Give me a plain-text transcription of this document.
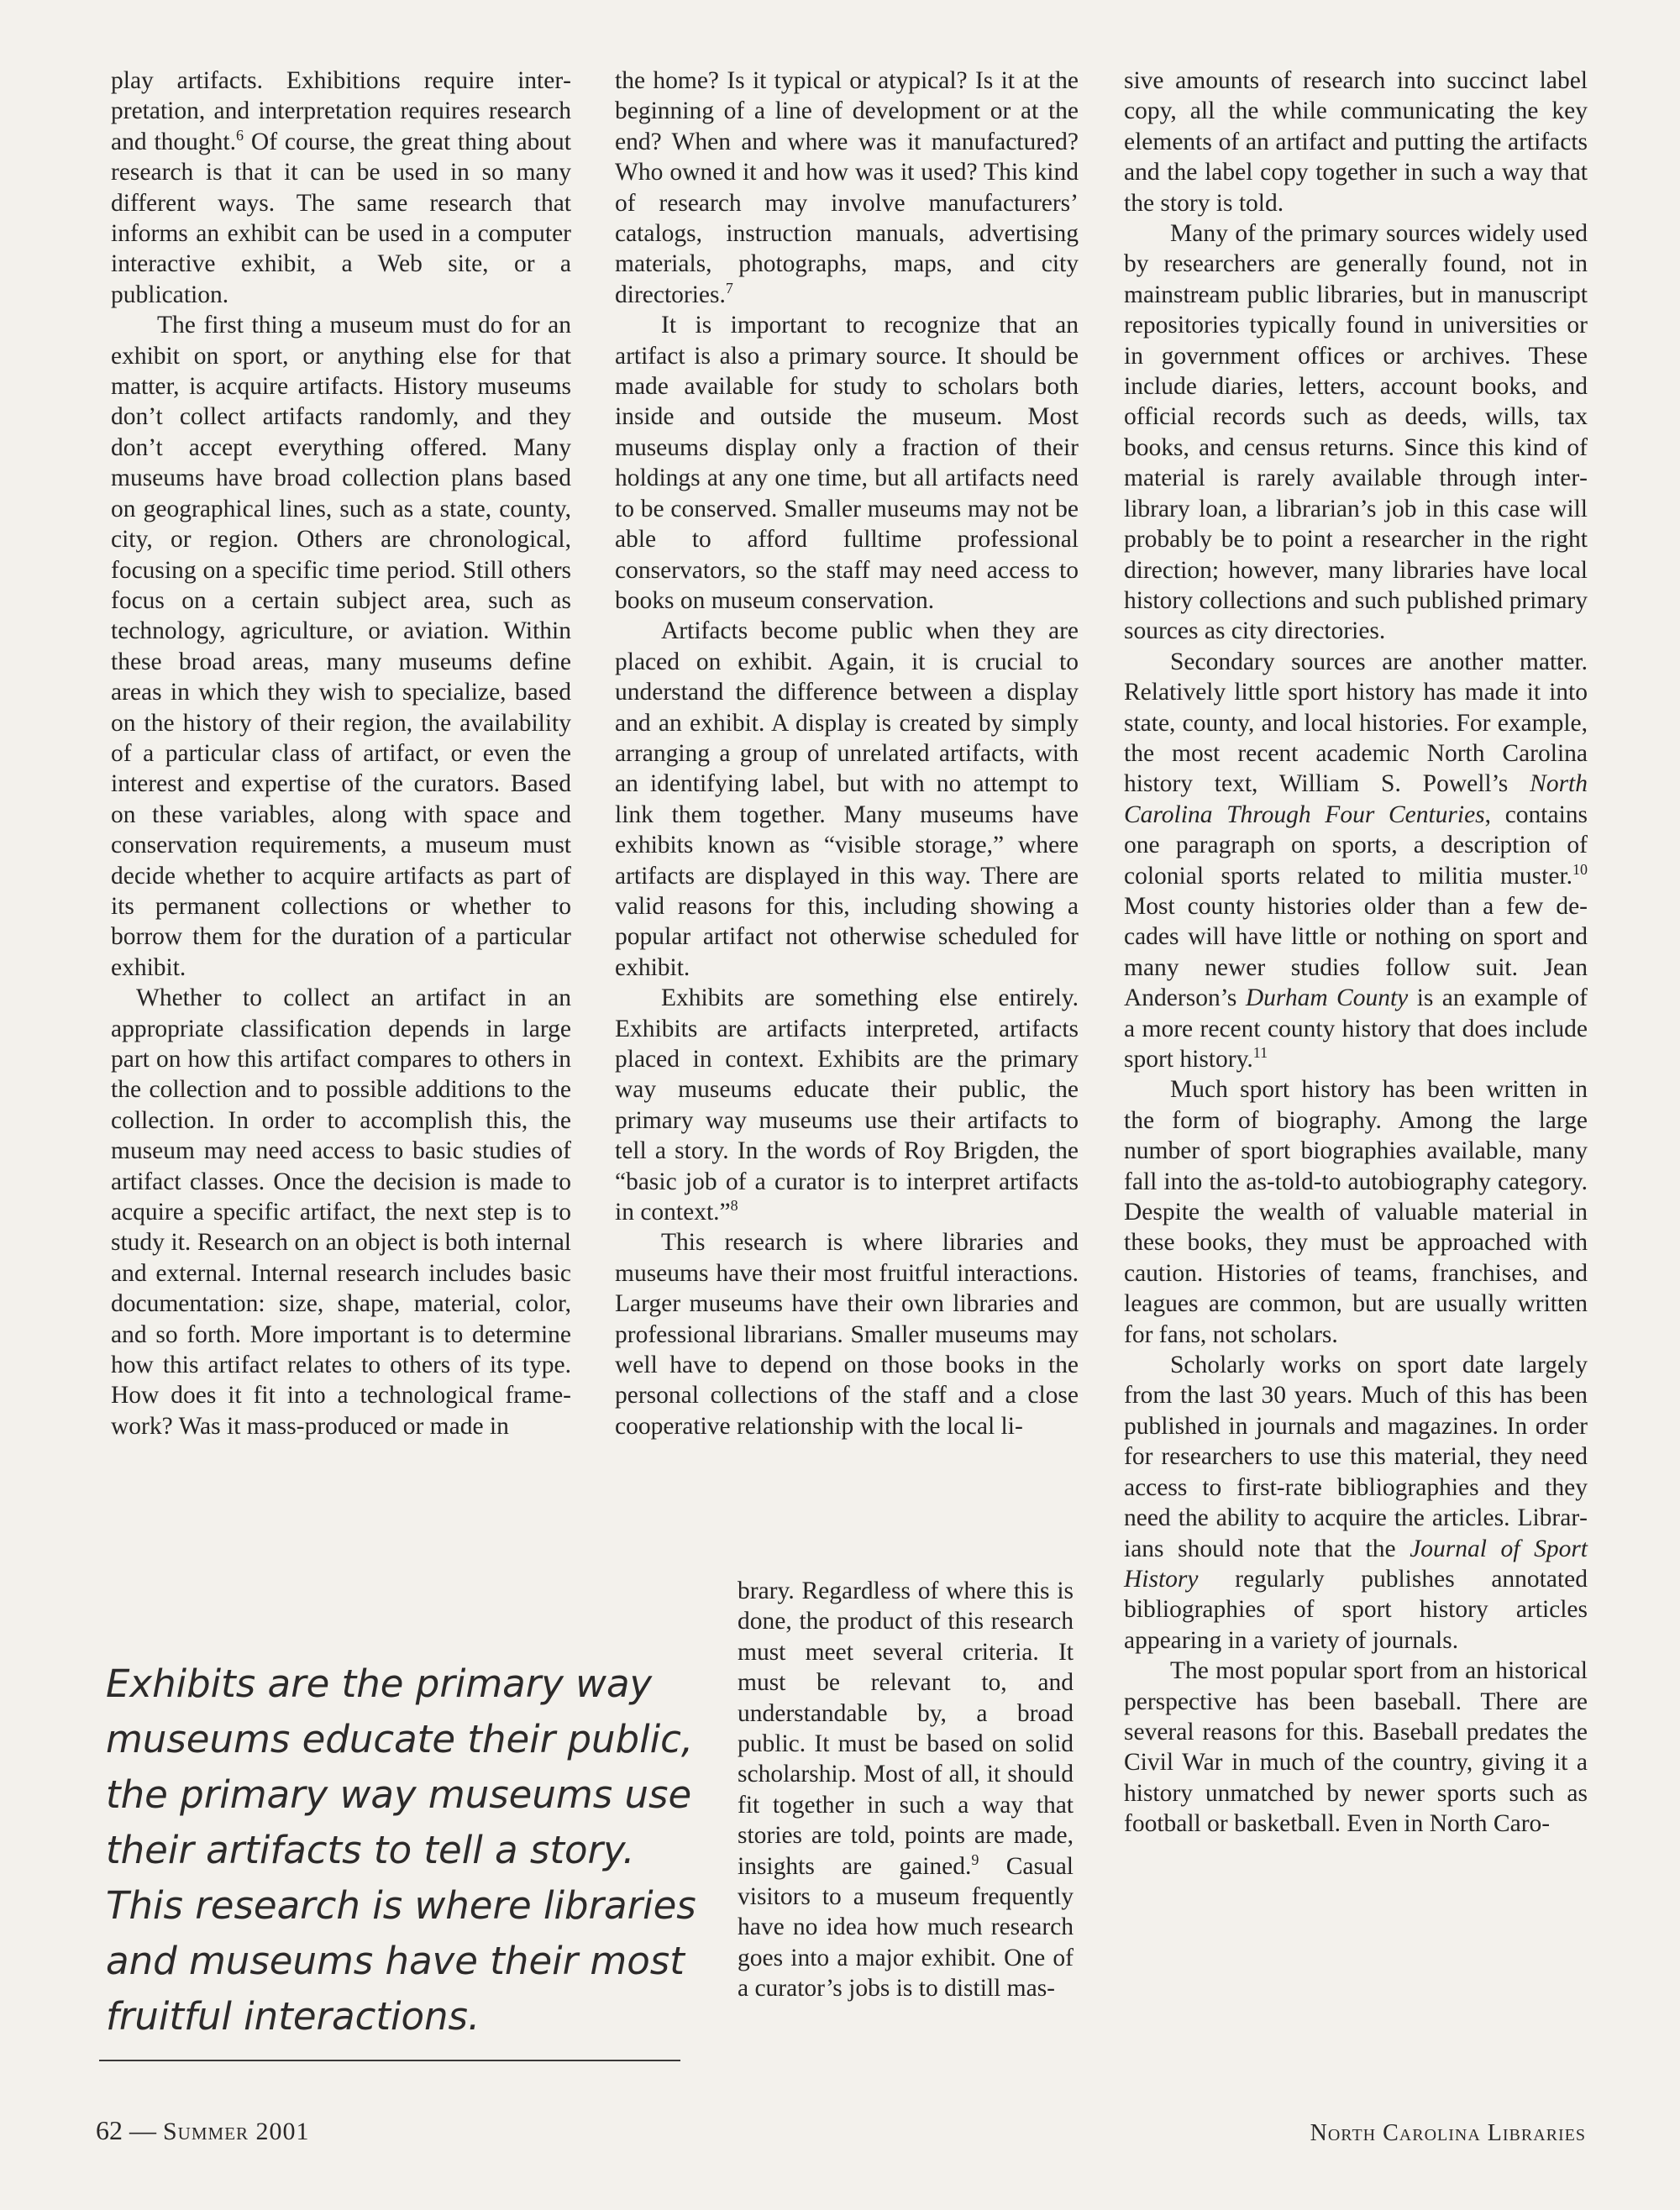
play artifacts. Exhibitions require interpretation, and interpretation requires research and thought.$^6$ Of course, the great thing about research is that it can be used in so many different ways. The same research that informs an exhibit can be used in a computer interactive exhibit, a Web site, or a publication.

The first thing a museum must do for an exhibit on sport, or anything else for that matter, is acquire artifacts. History museums don’t collect artifacts randomly, and they don’t accept everything offered. Many museums have broad collection plans based on geographical lines, such as a state, county, city, or region. Others are chronological, focusing on a specific time period. Still others focus on a certain subject area, such as technology, agriculture, or aviation. Within these broad areas, many museums define areas in which they wish to specialize, based on the history of their region, the availability of a particular class of artifact, or even the interest and expertise of the curators. Based on these variables, along with space and conservation requirements, a museum must decide whether to acquire artifacts as part of its permanent collections or whether to borrow them for the duration of a particular exhibit.

Whether to collect an artifact in an appropriate classification depends in large part on how this artifact compares to others in the collection and to possible additions to the collection. In order to accomplish this, the museum may need access to basic studies of artifact classes. Once the decision is made to acquire a specific artifact, the next step is to study it. Research on an object is both internal and external. Internal research includes basic documentation: size, shape, material, color, and so forth. More important is to determine how this artifact relates to others of its type. How does it fit into a technological framework? Was it mass-produced or made in

the home? Is it typical or atypical? Is it at the beginning of a line of development or at the end? When and where was it manufactured? Who owned it and how was it used? This kind of research may involve manufacturers’ catalogs, instruction manuals, advertising materials, photographs, maps, and city directories.$^7$

It is important to recognize that an artifact is also a primary source. It should be made available for study to scholars both inside and outside the museum. Most museums display only a fraction of their holdings at any one time, but all artifacts need to be conserved. Smaller museums may not be able to afford fulltime professional conservators, so the staff may need access to books on museum conservation.

Artifacts become public when they are placed on exhibit. Again, it is crucial to understand the difference between a display and an exhibit. A display is created by simply arranging a group of unrelated artifacts, with an identifying label, but with no attempt to link them together. Many museums have exhibits known as “visible storage,” where artifacts are displayed in this way. There are valid reasons for this, including showing a popular artifact not otherwise scheduled for exhibit.

Exhibits are something else entirely. Exhibits are artifacts interpreted, artifacts placed in context. Exhibits are the primary way museums educate their public, the primary way museums use their artifacts to tell a story. In the words of Roy Brigden, the “basic job of a curator is to interpret artifacts in context.”$^8$

This research is where libraries and museums have their most fruitful interactions. Larger museums have their own libraries and professional librarians. Smaller museums may well have to depend on those books in the personal collections of the staff and a close cooperative relationship with the local li-

brary. Regardless of where this is done, the product of this research must meet several criteria. It must be relevant to, and understandable by, a broad public. It must be based on solid scholarship. Most of all, it should fit together in such a way that stories are told, points are made, insights are gained.$^9$ Casual visitors to a museum frequently have no idea how much research goes into a major exhibit. One of a curator’s jobs is to distill mas-

sive amounts of research into succinct label copy, all the while communicating the key elements of an artifact and putting the artifacts and the label copy together in such a way that the story is told.

Many of the primary sources widely used by researchers are generally found, not in mainstream public libraries, but in manuscript repositories typically found in universities or in government offices or archives. These include diaries, letters, account books, and official records such as deeds, wills, tax books, and census returns. Since this kind of material is rarely available through interlibrary loan, a librarian’s job in this case will probably be to point a researcher in the right direction; however, many libraries have local history collections and such published primary sources as city directories.

Secondary sources are another matter. Relatively little sport history has made it into state, county, and local histories. For example, the most recent academic North Carolina history text, William S. Powell’s North Carolina Through Four Centuries, contains one paragraph on sports, a description of colonial sports related to militia muster.$^{10}$ Most county histories older than a few decades will have little or nothing on sport and many newer studies follow suit. Jean Anderson’s Durham County is an example of a more recent county history that does include sport history.$^{11}$

Much sport history has been written in the form of biography. Among the large number of sport biographies available, many fall into the as-told-to autobiography category. Despite the wealth of valuable material in these books, they must be approached with caution. Histories of teams, franchises, and leagues are common, but are usually written for fans, not scholars.

Scholarly works on sport date largely from the last 30 years. Much of this has been published in journals and magazines. In order for researchers to use this material, they need access to first-rate bibliographies and they need the ability to acquire the articles. Librarians should note that the Journal of Sport History regularly publishes annotated bibliographies of sport history articles appearing in a variety of journals.

The most popular sport from an historical perspective has been baseball. There are several reasons for this. Baseball predates the Civil War in much of the country, giving it a history unmatched by newer sports such as football or basketball. Even in North Caro-

Exhibits are the primary way
museums educate their public,
the primary way museums use
their artifacts to tell a story.
This research is where libraries
and museums have their most
fruitful interactions.
62 — Summer 2001	North Carolina Libraries
